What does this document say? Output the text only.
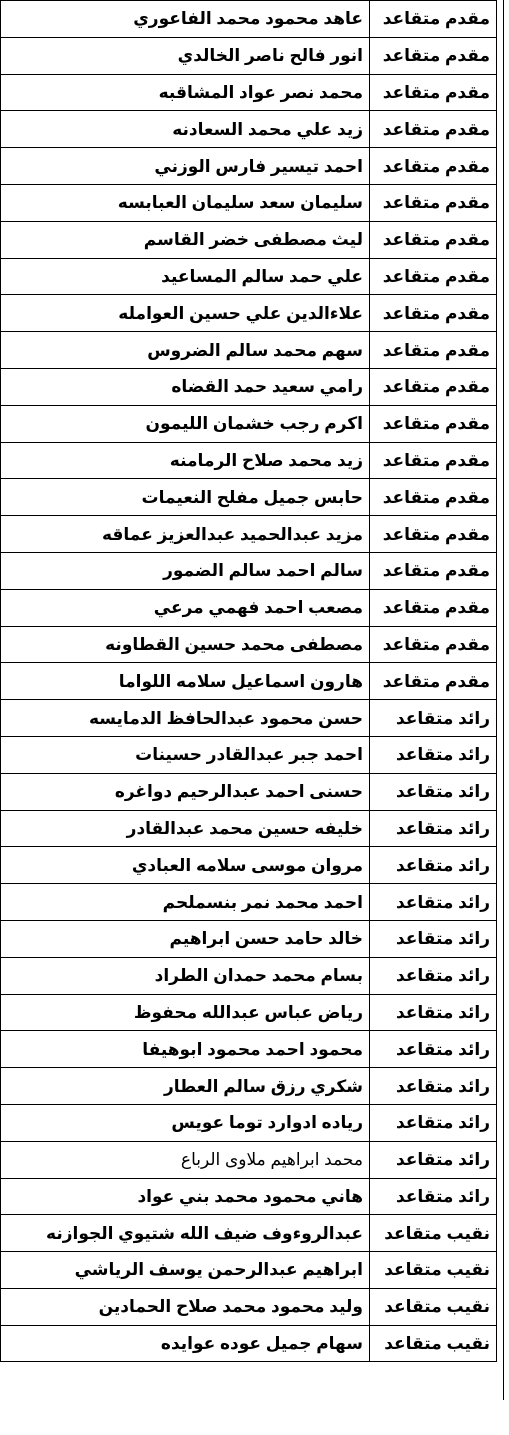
مقدم متقاعد	عاهد محمود محمد الفاعوري
مقدم متقاعد	انور فالح ناصر الخالدي
مقدم متقاعد	محمد نصر عواد المشاقبه
مقدم متقاعد	زيد علي محمد السعادنه
مقدم متقاعد	احمد تيسير فارس الوزني
مقدم متقاعد	سليمان سعد سليمان العبابسه
مقدم متقاعد	ليث مصطفى خضر القاسم
مقدم متقاعد	علي حمد سالم المساعيد
مقدم متقاعد	علاءالدين علي حسين العوامله
مقدم متقاعد	سهم محمد سالم الضروس
مقدم متقاعد	رامي سعيد حمد القضاه
مقدم متقاعد	اكرم رجب خشمان الليمون
مقدم متقاعد	زيد محمد صلاح الرمامنه
مقدم متقاعد	حابس جميل مفلح النعيمات
مقدم متقاعد	مزيد عبدالحميد عبدالعزيز عماقه
مقدم متقاعد	سالم احمد سالم الضمور
مقدم متقاعد	مصعب احمد فهمي مرعي
مقدم متقاعد	مصطفى محمد حسين القطاونه
مقدم متقاعد	هارون اسماعيل سلامه اللواما
رائد متقاعد	حسن محمود عبدالحافظ الدمايسه
رائد متقاعد	احمد جبر عبدالقادر حسينات
رائد متقاعد	حسنى احمد عبدالرحيم دواغره
رائد متقاعد	خليفه حسين محمد عبدالقادر
رائد متقاعد	مروان موسى سلامه العبادي
رائد متقاعد	احمد محمد نمر بنسملحم
رائد متقاعد	خالد حامد حسن ابراهيم
رائد متقاعد	بسام محمد حمدان الطراد
رائد متقاعد	رياض عباس عبدالله محفوظ
رائد متقاعد	محمود احمد محمود ابوهيفا
رائد متقاعد	شكري رزق سالم العطار
رائد متقاعد	رياده ادوارد توما عويس
رائد متقاعد	محمد ابراهيم ملاوى الرباع
رائد متقاعد	هاني محمود محمد بني عواد
نقيب متقاعد	عبدالروءوف ضيف الله شتيوي الجوازنه
نقيب متقاعد	ابراهيم عبدالرحمن يوسف الرياشي
نقيب متقاعد	وليد محمود محمد صلاح الحمادين
نقيب متقاعد	سهام جميل عوده عوايده
